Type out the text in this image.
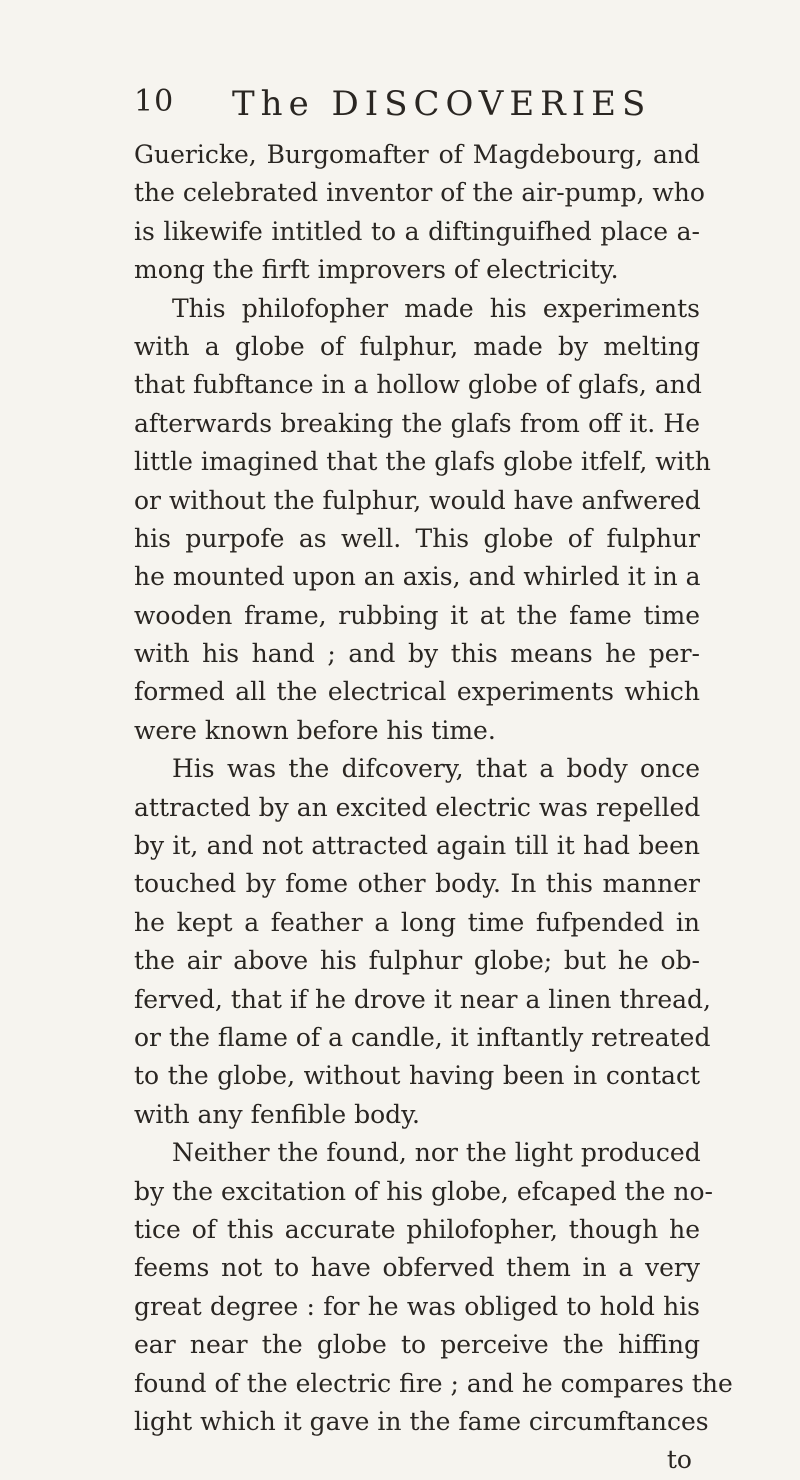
10 The DISCOVERIES
Guericke, Burgomafter of Magdebourg, and
the celebrated inventor of the air-pump, who
is likewife intitled to a diftinguifhed place a-
mong the firft improvers of electricity.
This philofopher made his experiments
with a globe of fulphur, made by melting
that fubftance in a hollow globe of glafs, and
afterwards breaking the glafs from off it. He
little imagined that the glafs globe itfelf, with
or without the fulphur, would have anfwered
his purpofe as well. This globe of fulphur
he mounted upon an axis, and whirled it in a
wooden frame, rubbing it at the fame time
with his hand ; and by this means he per-
formed all the electrical experiments which
were known before his time.
His was the difcovery, that a body once
attracted by an excited electric was repelled
by it, and not attracted again till it had been
touched by fome other body. In this manner
he kept a feather a long time fufpended in
the air above his fulphur globe; but he ob-
ferved, that if he drove it near a linen thread,
or the flame of a candle, it inftantly retreated
to the globe, without having been in contact
with any fenfible body.
Neither the found, nor the light produced
by the excitation of his globe, efcaped the no-
tice of this accurate philofopher, though he
feems not to have obferved them in a very
great degree : for he was obliged to hold his
ear near the globe to perceive the hiffing
found of the electric fire ; and he compares the
light which it gave in the fame circumftances
to
